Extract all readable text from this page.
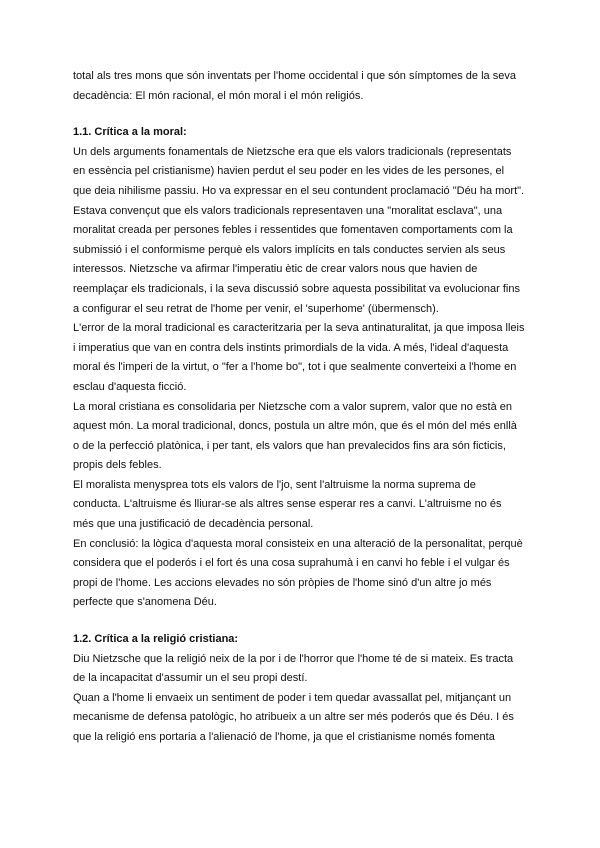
total als tres mons que són inventats per l'home occidental i que són símptomes de la seva
decadència: El món racional, el món moral i el món religiós.

1.1. Crítica a la moral:

Un dels arguments fonamentals de Nietzsche era que els valors tradicionals (representats
en essència pel cristianisme) havien perdut el seu poder en les vides de les persones, el
que deia nihilisme passiu. Ho va expressar en el seu contundent proclamació "Déu ha mort".
Estava convençut que els valors tradicionals representaven una "moralitat esclava", una
moralitat creada per persones febles i ressentides que fomentaven comportaments com la
submissió i el conformisme perquè els valors implícits en tals conductes servien als seus
interessos. Nietzsche va afirmar l'imperatiu ètic de crear valors nous que havien de
reemplaçar els tradicionals, i la seva discussió sobre aquesta possibilitat va evolucionar fins
a configurar el seu retrat de l'home per venir, el 'superhome' (übermensch).

L'error de la moral tradicional es caracteritzaria per la seva antinaturalitat, ja que imposa lleis
i imperatius que van en contra dels instints primordials de la vida. A més, l'ideal d'aquesta
moral és l'imperi de la virtut, o "fer a l'home bo", tot i que sealmente converteixi a l'home en
esclau d'aquesta ficció.

La moral cristiana es consolidaria per Nietzsche com a valor suprem, valor que no està en
aquest món. La moral tradicional, doncs, postula un altre món, que és el món del més enllà
o de la perfecció platònica, i per tant, els valors que han prevalecidos fins ara són ficticis,
propis dels febles.

El moralista menysprea tots els valors de l'jo, sent l'altruisme la norma suprema de
conducta. L'altruisme és lliurar-se als altres sense esperar res a canvi. L'altruisme no és
més que una justificació de decadència personal.

En conclusió: la lògica d'aquesta moral consisteix en una alteració de la personalitat, perquè
considera que el poderós i el fort és una cosa suprahumà i en canvi ho feble i el vulgar és
propi de l'home. Les accions elevades no són pròpies de l'home sinó d'un altre jo més
perfecte que s'anomena Déu.

1.2. Crítica a la religió cristiana:

Diu Nietzsche que la religió neix de la por i de l'horror que l'home té de si mateix. Es tracta
de la incapacitat d'assumir un el seu propi destí.

Quan a l'home li envaeix un sentiment de poder i tem quedar avassallat pel, mitjançant un
mecanisme de defensa patològic, ho atribueix a un altre ser més poderós que és Déu. I és
que la religió ens portaria a l'alienació de l'home, ja que el cristianisme només fomenta
